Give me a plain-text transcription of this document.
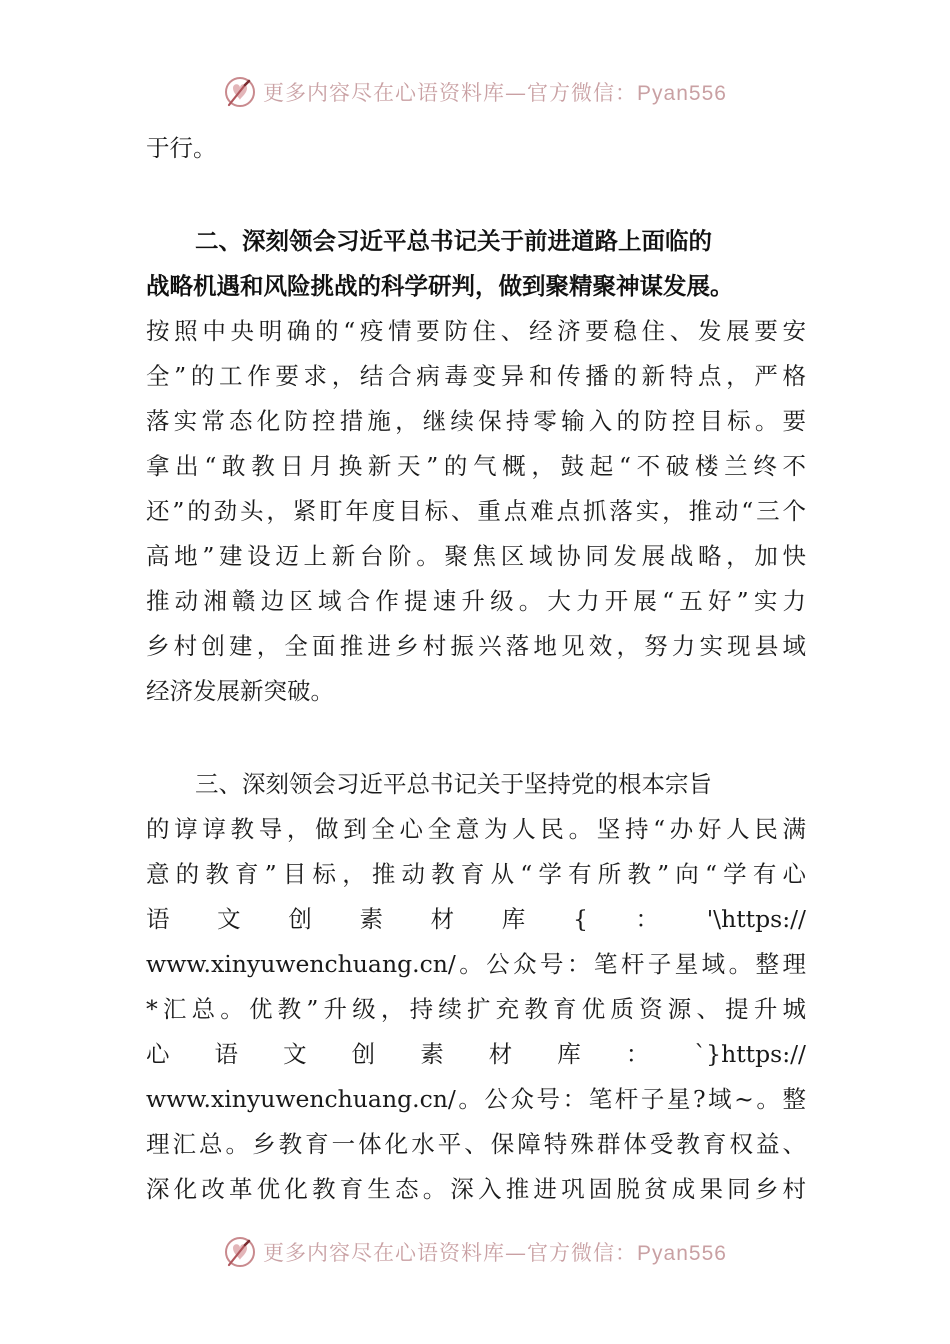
更多内容尽在心语资料库—官方微信：Pyan556
于行。
二、深刻领会习近平总书记关于前进道路上面临的
战略机遇和风险挑战的科学研判，做到聚精聚神谋发展。
按照中央明确的“疫情要防住、经济要稳住、发展要安
全”的工作要求，结合病毒变异和传播的新特点，严格
落实常态化防控措施，继续保持零输入的防控目标。要
拿出“敢教日月换新天”的气概，鼓起“不破楼兰终不
还”的劲头，紧盯年度目标、重点难点抓落实，推动“三个
高地”建设迈上新台阶。聚焦区域协同发展战略，加快
推动湘赣边区域合作提速升级。大力开展“五好”实力
乡村创建，全面推进乡村振兴落地见效，努力实现县域
经济发展新突破。
三、深刻领会习近平总书记关于坚持党的根本宗旨
的谆谆教导，做到全心全意为人民。坚持“办好人民满
意的教育”目标，推动教育从“学有所教”向“学有心
语 文 创 素 材 库 { ： '\https://
www.xinyuwenchuang.cn/。公众号：笔杆子星域。整理
*汇总。优教”升级，持续扩充教育优质资源、提升城
心 语 文 创 素 材 库 ： `}https://
www.xinyuwenchuang.cn/。公众号：笔杆子星?域~。整
理汇总。乡教育一体化水平、保障特殊群体受教育权益、
深化改革优化教育生态。深入推进巩固脱贫成果同乡村
更多内容尽在心语资料库—官方微信：Pyan556
